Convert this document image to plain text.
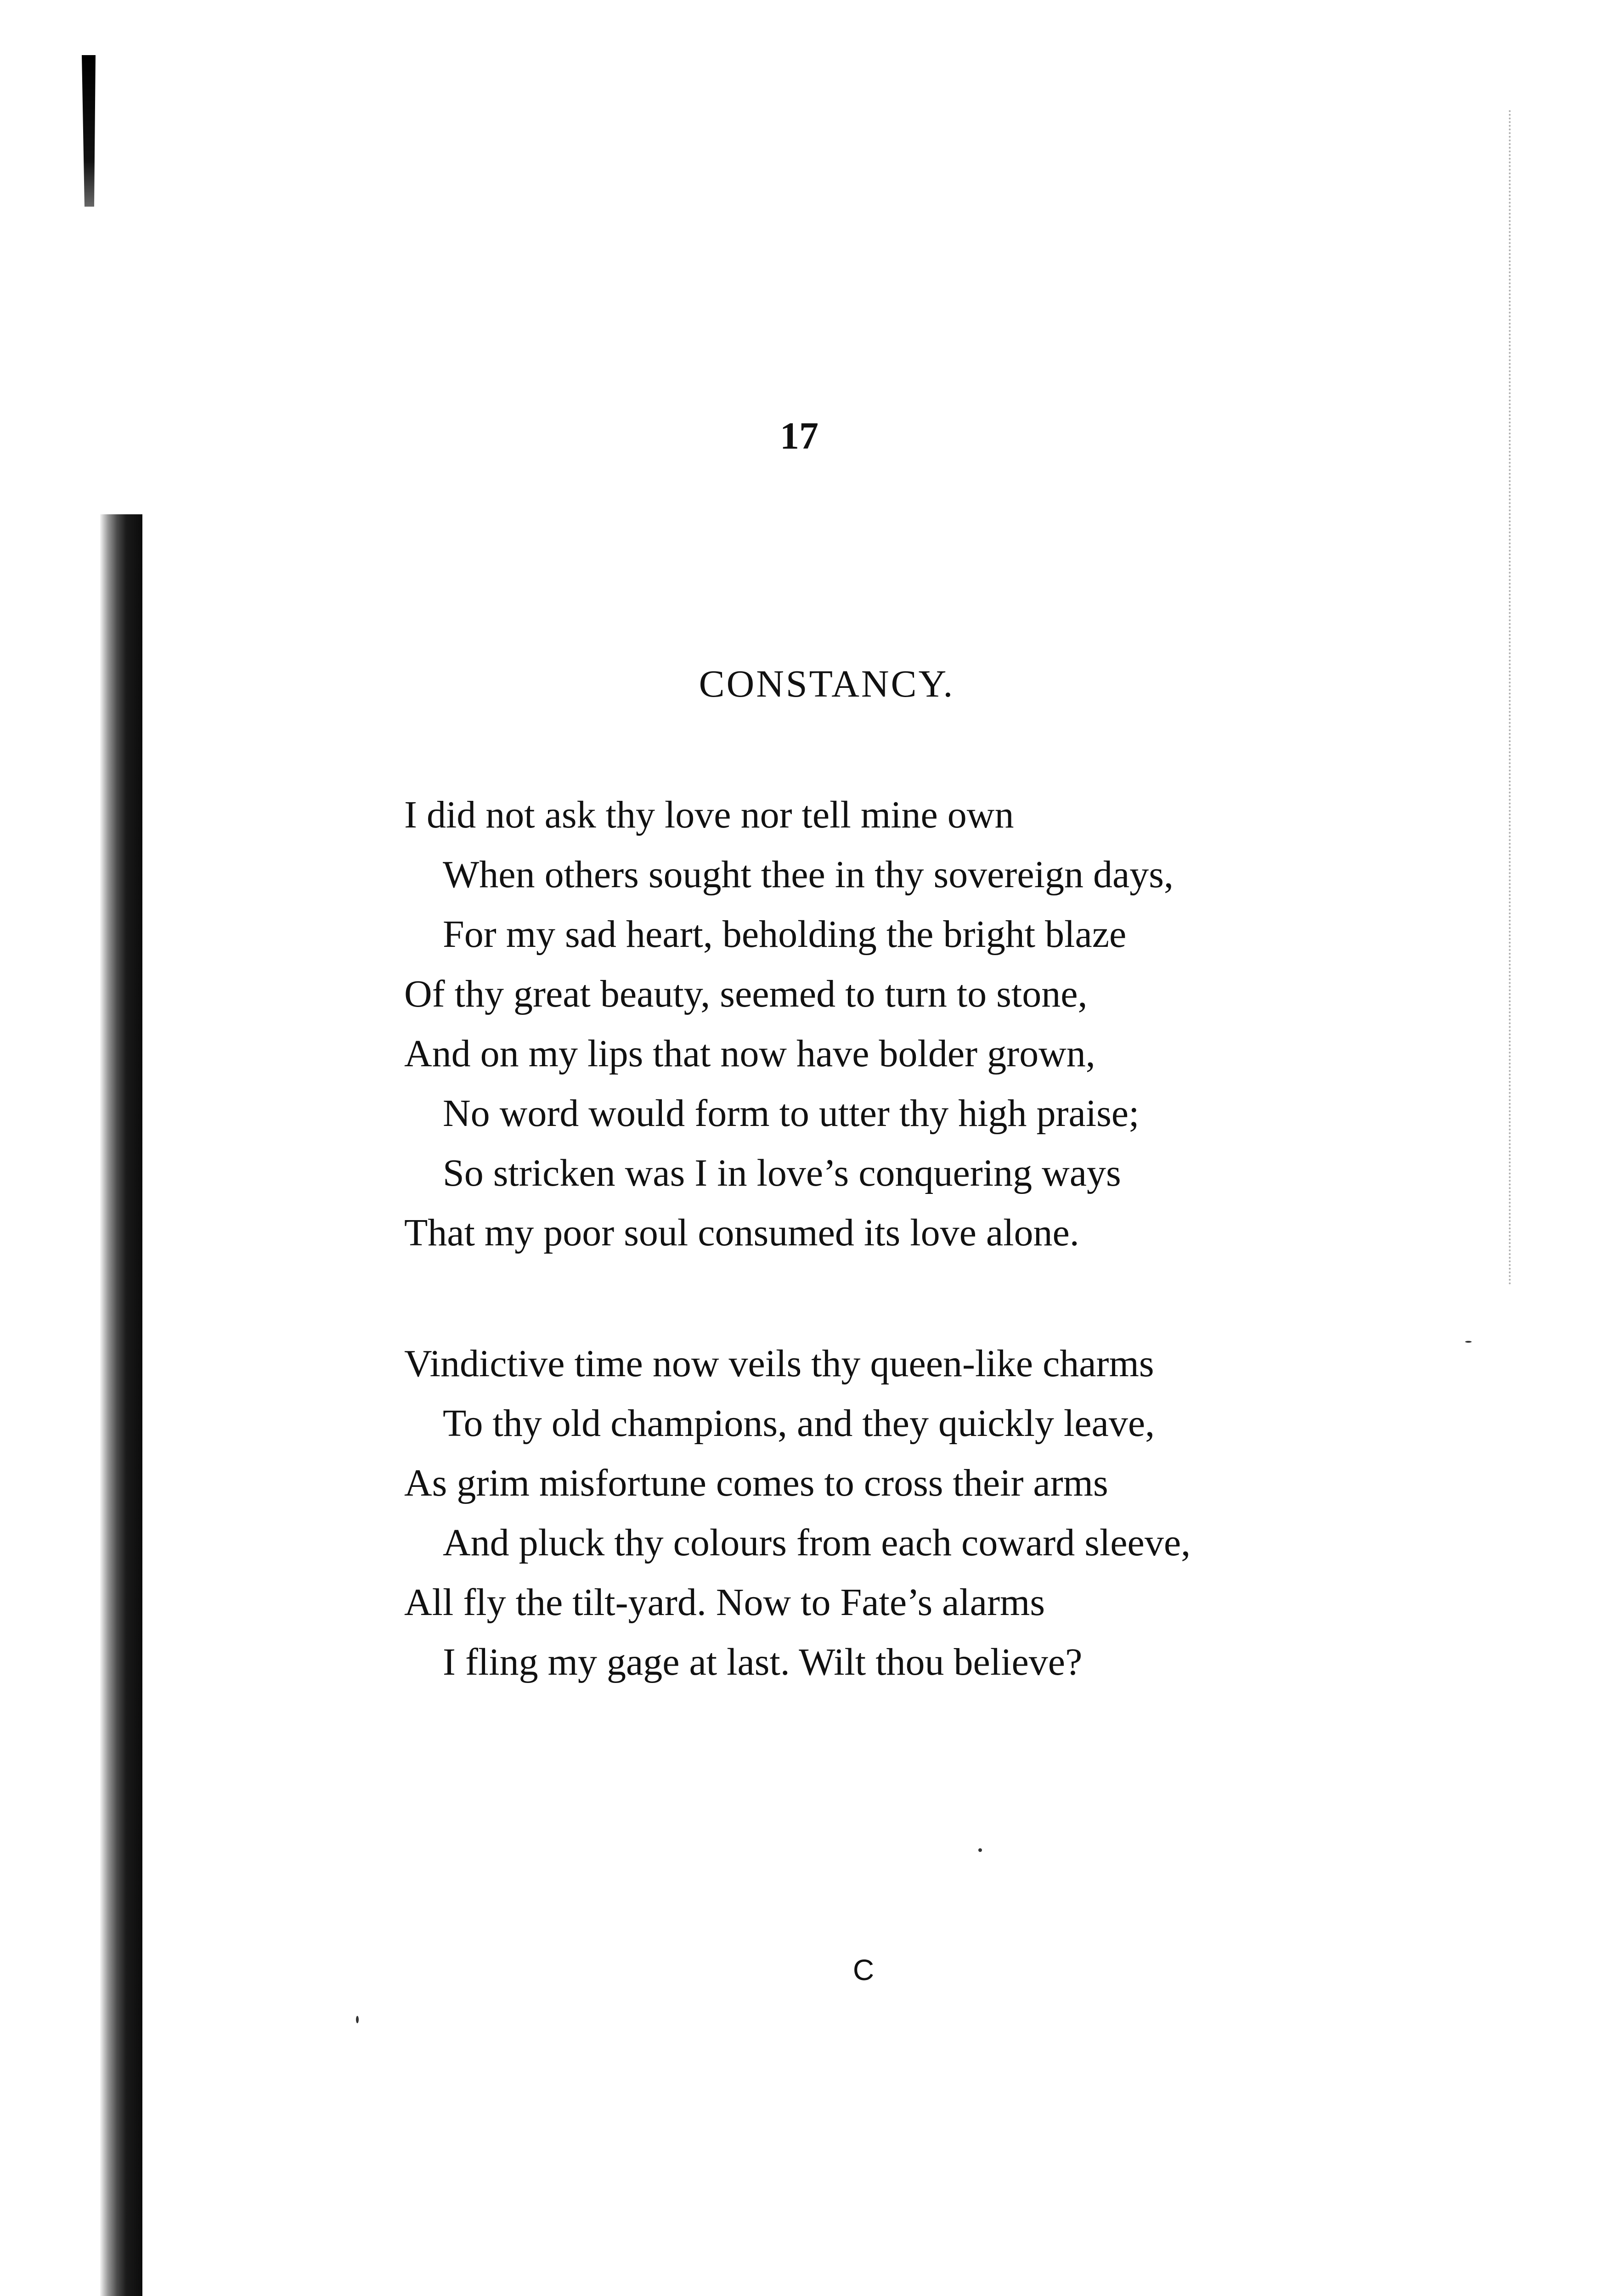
17
CONSTANCY.
I did not ask thy love nor tell mine own
When others sought thee in thy sovereign days,
For my sad heart, beholding the bright blaze
Of thy great beauty, seemed to turn to stone,
And on my lips that now have bolder grown,
No word would form to utter thy high praise;
So stricken was I in love’s conquering ways
That my poor soul consumed its love alone.
Vindictive time now veils thy queen-like charms
To thy old champions, and they quickly leave,
As grim misfortune comes to cross their arms
And pluck thy colours from each coward sleeve,
All fly the tilt-yard. Now to Fate’s alarms
I fling my gage at last. Wilt thou believe?
C
